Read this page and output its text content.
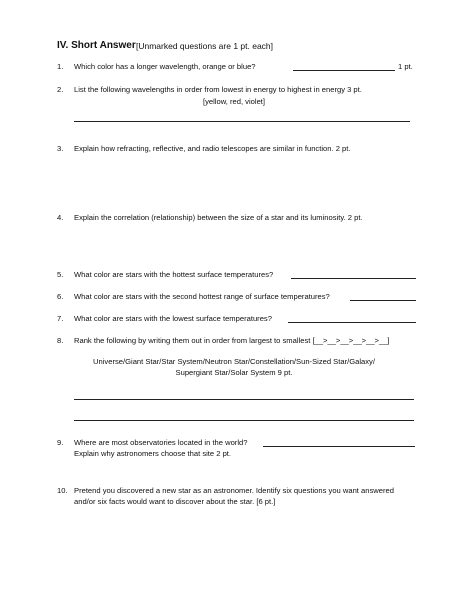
IV. Short Answer [Unmarked questions are 1 pt. each]
1.	Which color has a longer wavelength, orange or blue?	1 pt.
2.	List the following wavelengths in order from lowest in energy to highest in energy 3 pt.
[yellow, red, violet]
3.	Explain how refracting, reflective, and radio telescopes are similar in function. 2 pt.
4.	Explain the correlation (relationship) between the size of a star and its luminosity. 2 pt.
5.	What color are stars with the hottest surface temperatures?
6.	What color are stars with the second hottest range of surface temperatures?
7.	What color are stars with the lowest surface temperatures?
8.	Rank the following by writing them out in order from largest to smallest [__>__>__>__>__>__]
Universe/Giant Star/Star System/Neutron Star/Constellation/Sun-Sized Star/Galaxy/
Supergiant Star/Solar System 9 pt.
9.	Where are most observatories located in the world?
Explain why astronomers choose that site 2 pt.
10. Pretend you discovered a new star as an astronomer. Identify six questions you want answered
and/or six facts would want to discover about the star. [6 pt.]
